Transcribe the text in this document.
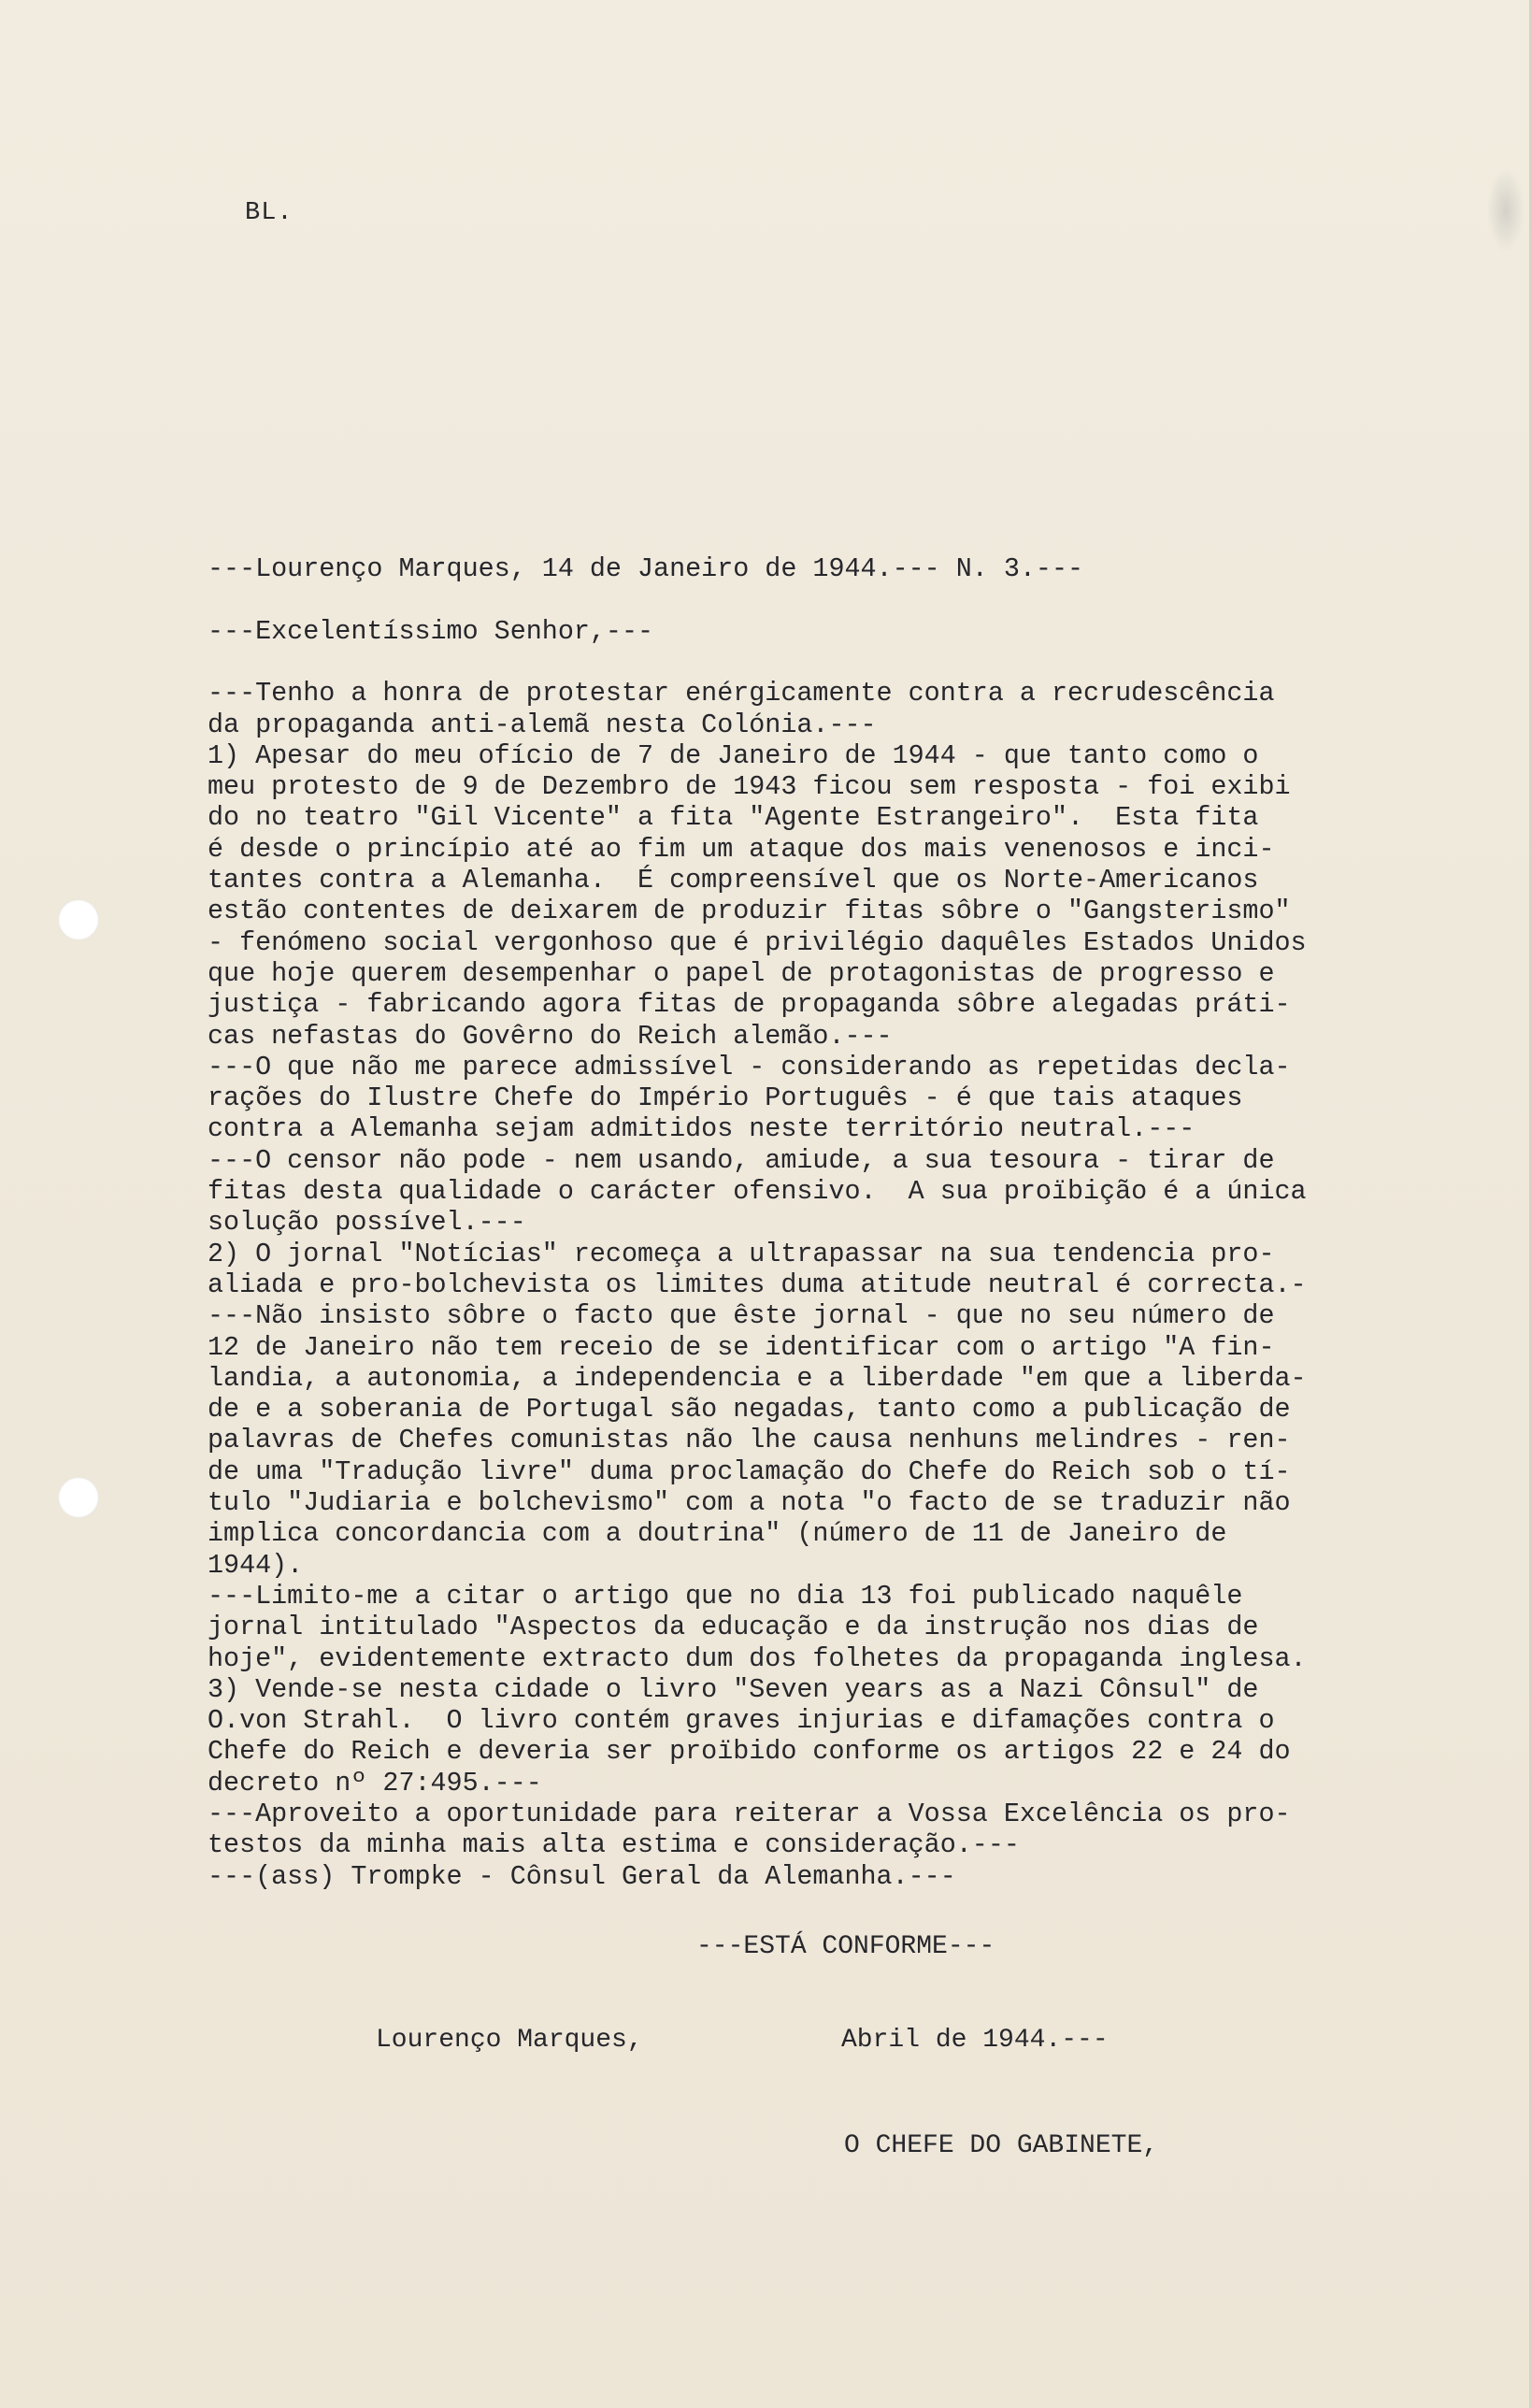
BL.
---Lourenço Marques, 14 de Janeiro de 1944.--- N. 3.---
---Excelentíssimo Senhor,---
---Tenho a honra de protestar enérgicamente contra a recrudescência
da propaganda anti-alemã nesta Colónia.---
1) Apesar do meu ofício de 7 de Janeiro de 1944 - que tanto como o
meu protesto de 9 de Dezembro de 1943 ficou sem resposta - foi exibi
do no teatro "Gil Vicente" a fita "Agente Estrangeiro".  Esta fita
é desde o princípio até ao fim um ataque dos mais venenosos e inci-
tantes contra a Alemanha.  É compreensível que os Norte-Americanos
estão contentes de deixarem de produzir fitas sôbre o "Gangsterismo"
- fenómeno social vergonhoso que é privilégio daquêles Estados Unidos
que hoje querem desempenhar o papel de protagonistas de progresso e
justiça - fabricando agora fitas de propaganda sôbre alegadas práti-
cas nefastas do Govêrno do Reich alemão.---
---O que não me parece admissível - considerando as repetidas decla-
rações do Ilustre Chefe do Império Português - é que tais ataques
contra a Alemanha sejam admitidos neste território neutral.---
---O censor não pode - nem usando, amiude, a sua tesoura - tirar de
fitas desta qualidade o carácter ofensivo.  A sua proïbição é a única
solução possível.---
2) O jornal "Notícias" recomeça a ultrapassar na sua tendencia pro-
aliada e pro-bolchevista os limites duma atitude neutral é correcta.-
---Não insisto sôbre o facto que êste jornal - que no seu número de
12 de Janeiro não tem receio de se identificar com o artigo "A fin-
landia, a autonomia, a independencia e a liberdade "em que a liberda-
de e a soberania de Portugal são negadas, tanto como a publicação de
palavras de Chefes comunistas não lhe causa nenhuns melindres - ren-
de uma "Tradução livre" duma proclamação do Chefe do Reich sob o tí-
tulo "Judiaria e bolchevismo" com a nota "o facto de se traduzir não
implica concordancia com a doutrina" (número de 11 de Janeiro de
1944).
---Limito-me a citar o artigo que no dia 13 foi publicado naquêle
jornal intitulado "Aspectos da educação e da instrução nos dias de
hoje", evidentemente extracto dum dos folhetes da propaganda inglesa.
3) Vende-se nesta cidade o livro "Seven years as a Nazi Cônsul" de
O.von Strahl.  O livro contém graves injurias e difamações contra o
Chefe do Reich e deveria ser proïbido conforme os artigos 22 e 24 do
decreto nº 27:495.---
---Aproveito a oportunidade para reiterar a Vossa Excelência os pro-
testos da minha mais alta estima e consideração.---
---(ass) Trompke - Cônsul Geral da Alemanha.---
---ESTÁ CONFORME---
Lourenço Marques,	Abril de 1944.---
O CHEFE DO GABINETE,
